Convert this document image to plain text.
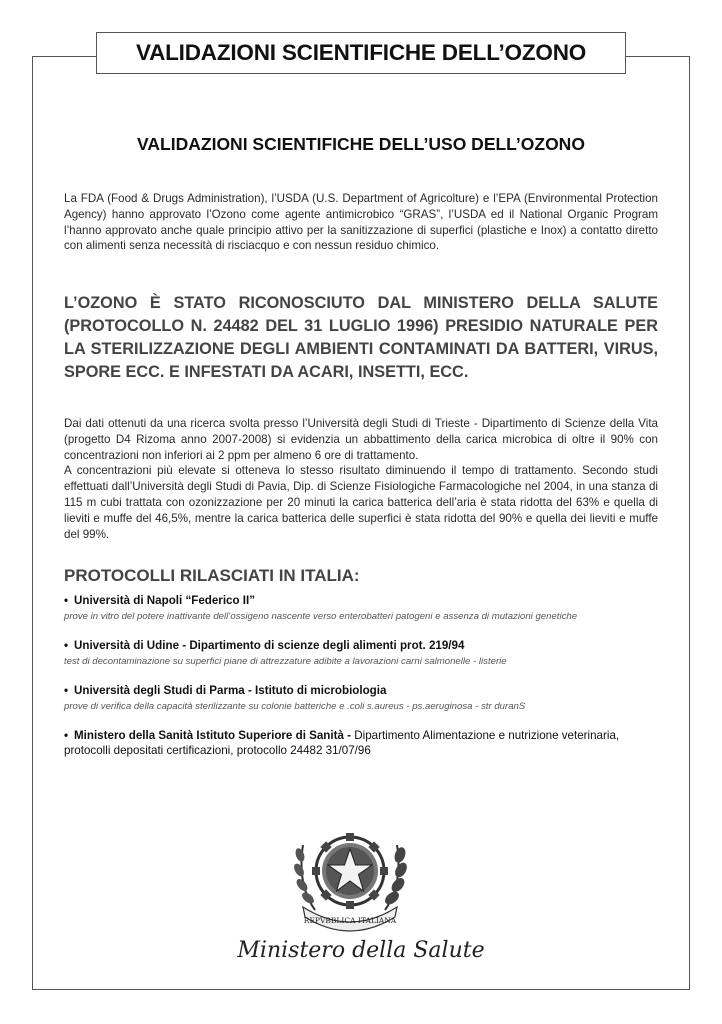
VALIDAZIONI SCIENTIFICHE DELL’OZONO
VALIDAZIONI SCIENTIFICHE DELL’USO DELL’OZONO

La FDA (Food & Drugs Administration), l’USDA (U.S. Department of Agricolture) e l’EPA (Environmental Protection Agency) hanno approvato l’Ozono come agente antimicrobico “GRAS”, l’USDA ed il National Organic Program l’hanno approvato anche quale principio attivo per la sanitizzazione di superfici (plastiche e Inox) a contatto diretto con alimenti senza necessità di risciacquo e con nessun residuo chimico.

L’OZONO È STATO RICONOSCIUTO DAL MINISTERO DELLA SALUTE (PROTOCOLLO N. 24482 DEL 31 LUGLIO 1996) PRESIDIO NATURALE PER LA STERILIZZAZIONE DEGLI AMBIENTI CONTAMINATI DA BATTERI, VIRUS, SPORE ECC. E INFESTATI DA ACARI, INSETTI, ECC.

Dai dati ottenuti da una ricerca svolta presso l’Università degli Studi di Trieste - Dipartimento di Scienze della Vita (progetto D4 Rizoma anno 2007-2008) si evidenzia un abbattimento della carica microbica di oltre il 90% con concentrazioni non inferiori ai 2 ppm per almeno 6 ore di trattamento.

A concentrazioni più elevate si otteneva lo stesso risultato diminuendo il tempo di trattamento. Secondo studi effettuati dall’Università degli Studi di Pavia, Dip. di Scienze Fisiologiche Farmacologiche nel 2004, in una stanza di 115 m cubi trattata con ozonizzazione per 20 minuti la carica batterica dell’aria è stata ridotta del 63% e quella di lieviti e muffe del 46,5%, mentre la carica batterica delle superfici è stata ridotta del 90% e quella dei lieviti e muffe del 99%.

PROTOCOLLI RILASCIATI IN ITALIA:
• Università di Napoli “Federico II”
prove in vitro del potere inattivante dell’ossigeno nascente verso enterobatteri patogeni e assenza di mutazioni genetiche
• Università di Udine - Dipartimento di scienze degli alimenti prot. 219/94
test di decontaminazione su superfici piane di attrezzature adibite a lavorazioni carni salmonelle - listerie
• Università degli Studi di Parma - Istituto di microbiologia
prove di verifica della capacità sterilizzante su colonie batteriche e .coli s.aureus - ps.aeruginosa - str duranS
• Ministero della Sanità Istituto Superiore di Sanità - Dipartimento Alimentazione e nutrizione veterinaria,
protocolli depositati certificazioni, protocollo 24482 31/07/96
REPVBBLICA ITALIANA
Ministero della Salute
